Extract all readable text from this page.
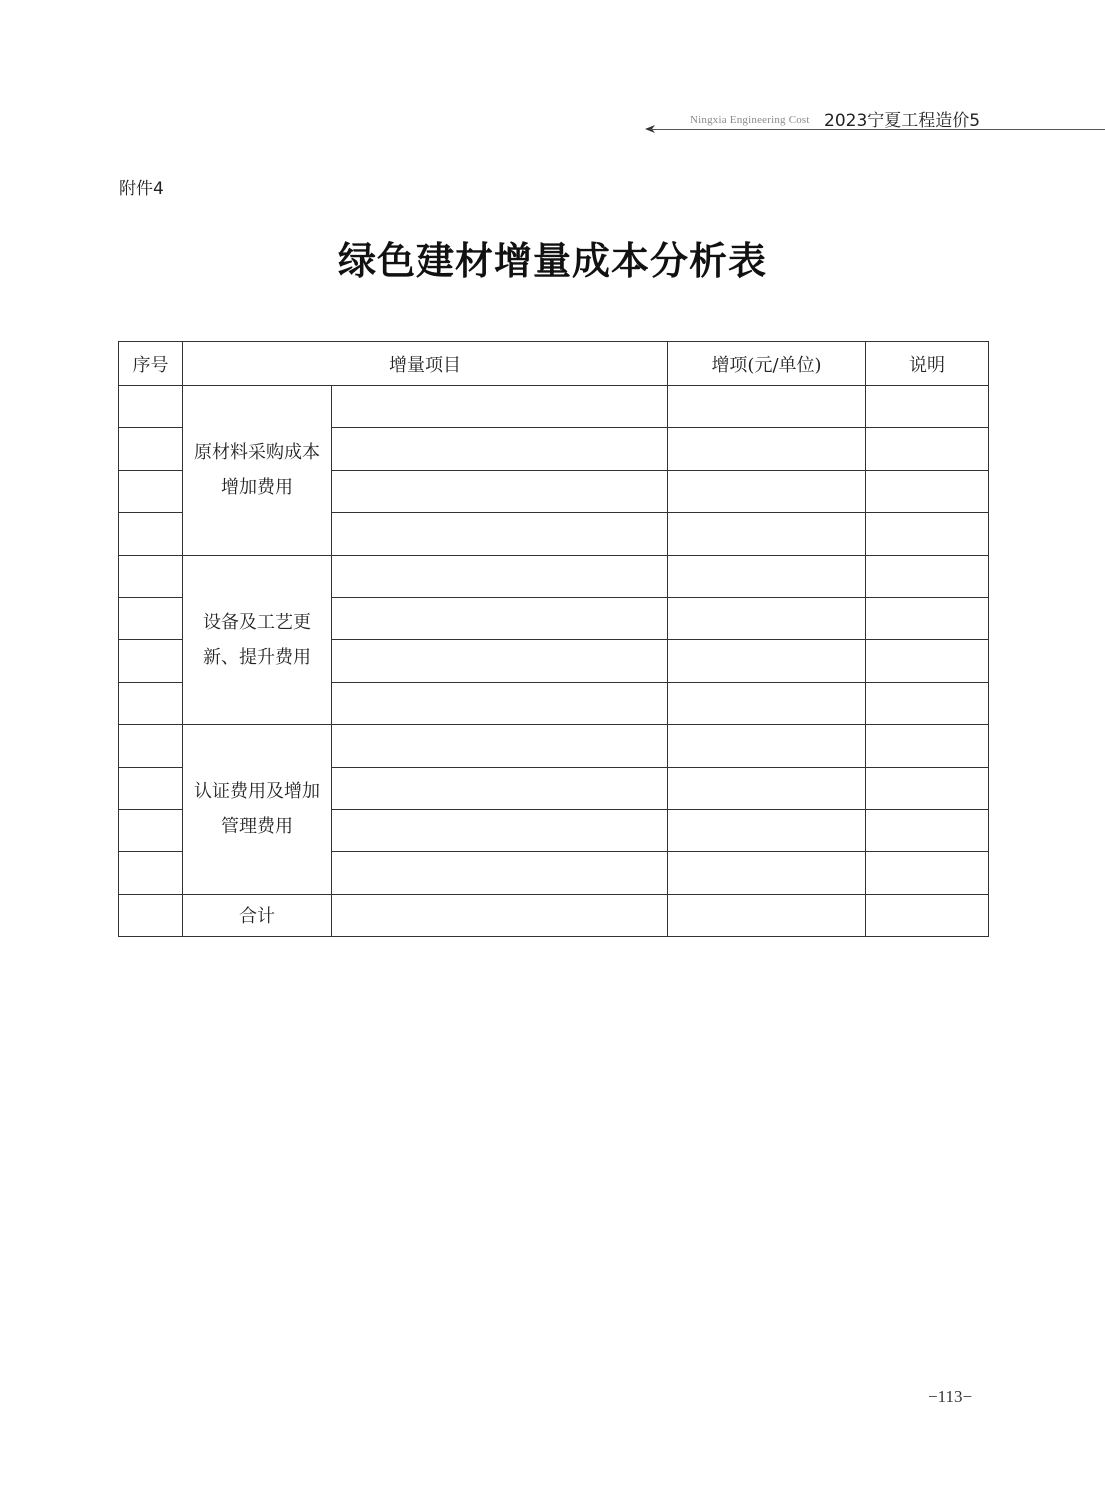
Ningxia Engineering Cost 2023宁夏工程造价5
附件4
绿色建材增量成本分析表
序号	增量项目		增项(元/单位)	说明

	原材料采购成本增加费用			

	设备及工艺更新、提升费用			

	认证费用及增加管理费用			

	合计			
−113−
